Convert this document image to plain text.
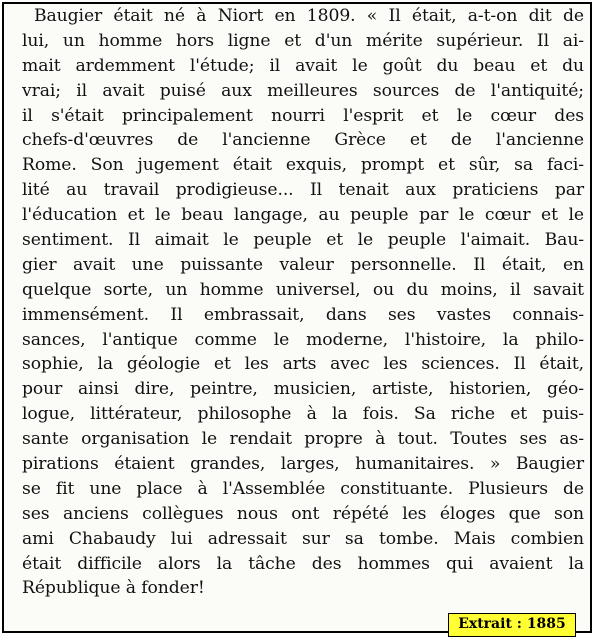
Baugier était né à Niort en 1809. « Il était, a-t-on dit de
lui, un homme hors ligne et d'un mérite supérieur. Il ai-
mait ardemment l'étude; il avait le goût du beau et du
vrai; il avait puisé aux meilleures sources de l'antiquité;
il s'était principalement nourri l'esprit et le cœur des
chefs-d'œuvres de l'ancienne Grèce et de l'ancienne
Rome. Son jugement était exquis, prompt et sûr, sa faci-
lité au travail prodigieuse... Il tenait aux praticiens par
l'éducation et le beau langage, au peuple par le cœur et le
sentiment. Il aimait le peuple et le peuple l'aimait. Bau-
gier avait une puissante valeur personnelle. Il était, en
quelque sorte, un homme universel, ou du moins, il savait
immensément. Il embrassait, dans ses vastes connais-
sances, l'antique comme le moderne, l'histoire, la philo-
sophie, la géologie et les arts avec les sciences. Il était,
pour ainsi dire, peintre, musicien, artiste, historien, géo-
logue, littérateur, philosophe à la fois. Sa riche et puis-
sante organisation le rendait propre à tout. Toutes ses as-
pirations étaient grandes, larges, humanitaires. » Baugier
se fit une place à l'Assemblée constituante. Plusieurs de
ses anciens collègues nous ont répété les éloges que son
ami Chabaudy lui adressait sur sa tombe. Mais combien
était difficile alors la tâche des hommes qui avaient la
République à fonder!
Extrait : 1885
